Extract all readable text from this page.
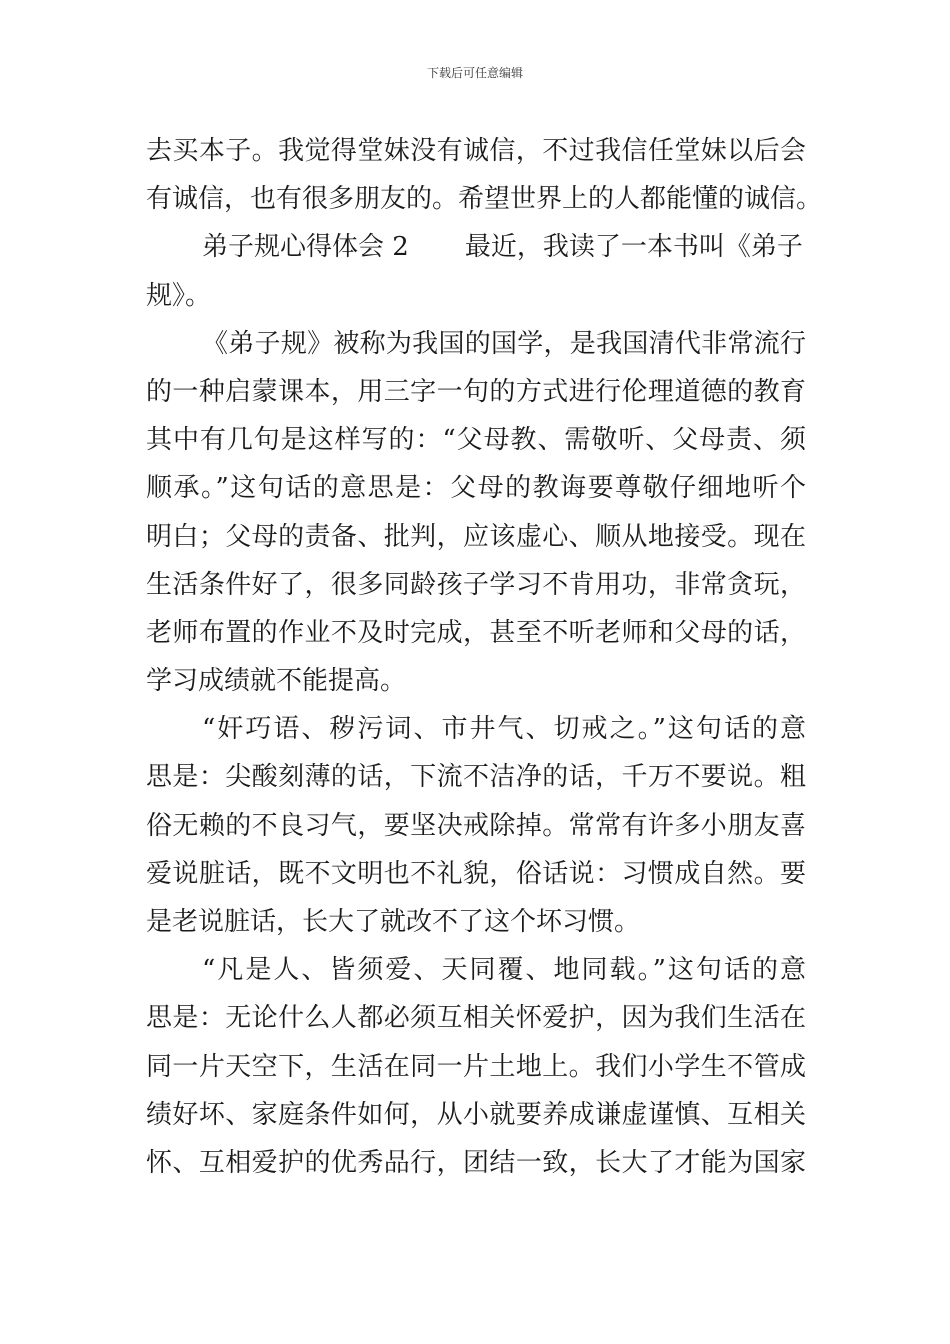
下载后可任意编辑
去买本子。我觉得堂妹没有诚信，不过我信任堂妹以后会
有诚信，也有很多朋友的。希望世界上的人都能懂的诚信。
弟子规心得体会 2 最近，我读了一本书叫《弟子
规》。
《弟子规》被称为我国的国学，是我国清代非常流行
的一种启蒙课本，用三字一句的方式进行伦理道德的教育
其中有几句是这样写的：“父母教、需敬听、父母责、须
顺承。”这句话的意思是：父母的教诲要尊敬仔细地听个
明白；父母的责备、批判，应该虚心、顺从地接受。现在
生活条件好了，很多同龄孩子学习不肯用功，非常贪玩，
老师布置的作业不及时完成，甚至不听老师和父母的话，
学习成绩就不能提高。
“奸巧语、秽污词、市井气、切戒之。”这句话的意
思是：尖酸刻薄的话，下流不洁净的话，千万不要说。粗
俗无赖的不良习气，要坚决戒除掉。常常有许多小朋友喜
爱说脏话，既不文明也不礼貌，俗话说：习惯成自然。要
是老说脏话，长大了就改不了这个坏习惯。
“凡是人、皆须爱、天同覆、地同载。”这句话的意
思是：无论什么人都必须互相关怀爱护，因为我们生活在
同一片天空下，生活在同一片土地上。我们小学生不管成
绩好坏、家庭条件如何，从小就要养成谦虚谨慎、互相关
怀、互相爱护的优秀品行，团结一致，长大了才能为国家
